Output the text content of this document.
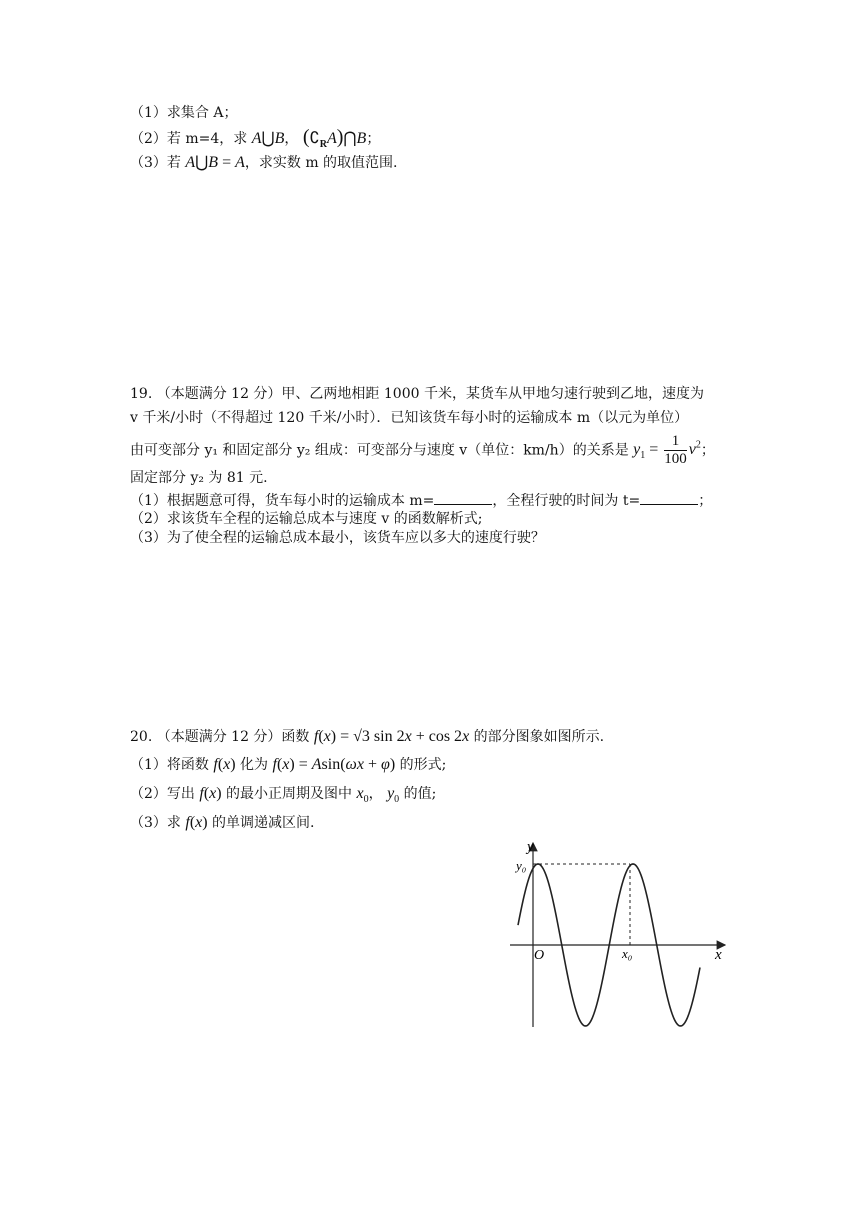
（1）求集合 A；
（2）若 m=4，求 A⋃B， $(∁_RA)⋂B$；
（3）若 A⋃B = A，求实数 m 的取值范围.
19. （本题满分 12 分）甲、乙两地相距 1000 千米，某货车从甲地匀速行驶到乙地，速度为
v 千米/小时（不得超过 120 千米/小时）．已知该货车每小时的运输成本 m（以元为单位）
由可变部分 y₁ 和固定部分 y₂ 组成：可变部分与速度 v（单位：km/h）的关系是 $y_1 = \frac{1}{100} v^2$；
固定部分 y₂ 为 81 元.
（1）根据题意可得，货车每小时的运输成本 m=	，全程行驶的时间为 t=	；
（2）求该货车全程的运输总成本与速度 v 的函数解析式;
（3）为了使全程的运输总成本最小，该货车应以多大的速度行驶？
20. （本题满分 12 分）函数 f(x) = √3 sin 2x + cos 2x 的部分图象如图所示.
（1）将函数 f(x) 化为 f(x) = Asin(ωx + φ) 的形式;
（2）写出 f(x) 的最小正周期及图中 $x_0$， $y_0$ 的值;
（3）求 f(x) 的单调递减区间.
y
x
O	x₀
y₀
